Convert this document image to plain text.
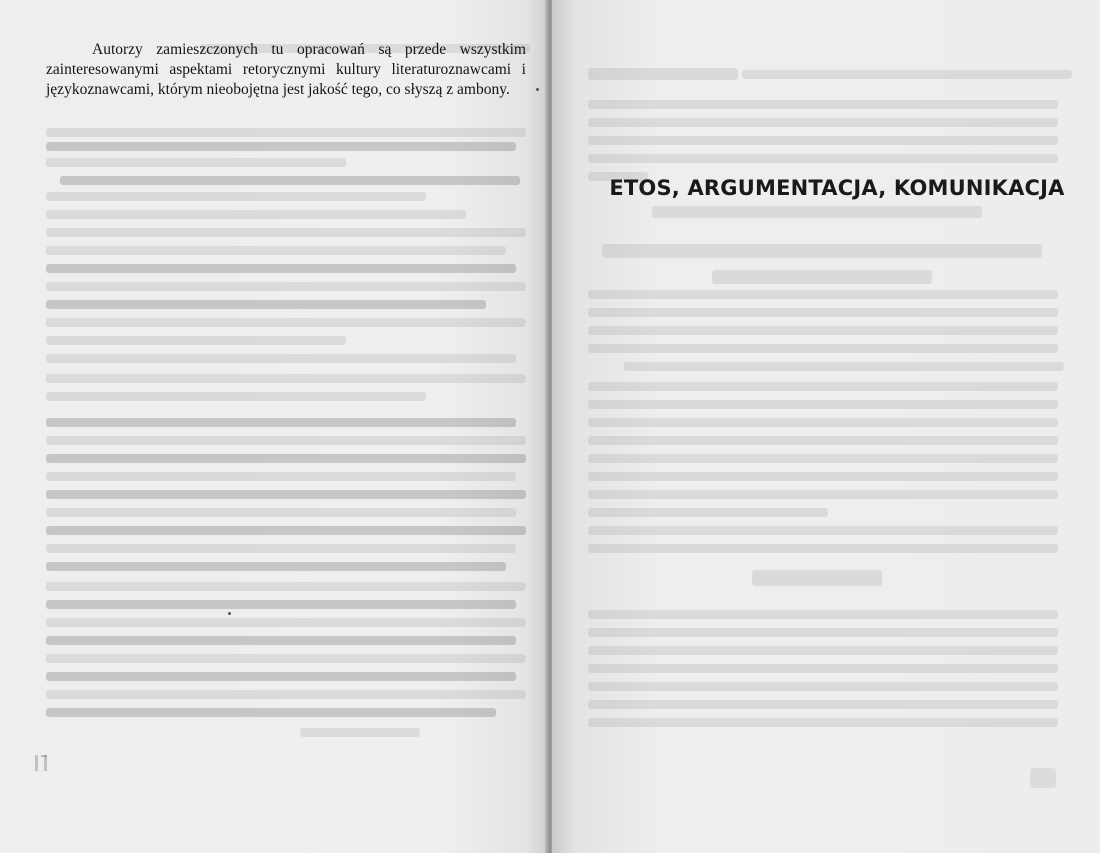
Autorzy zamieszczonych tu opracowań są przede wszystkim zainteresowanymi aspektami retorycznymi kultury literaturoznawcami i językoznawcami, którym nieobojętna jest jakość tego, co słyszą z ambony.

ETOS, ARGUMENTACJA, KOMUNIKACJA
